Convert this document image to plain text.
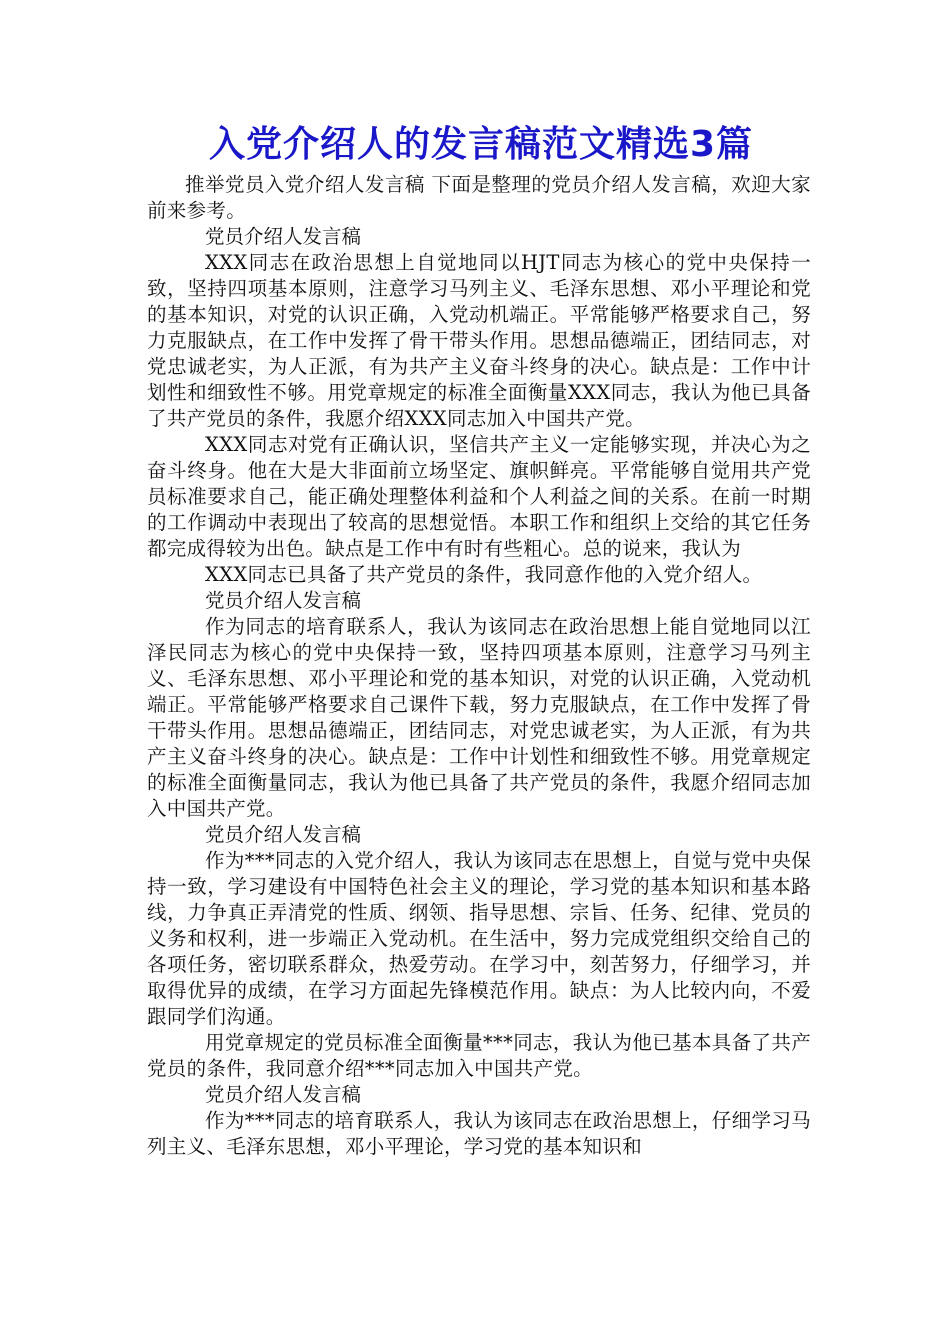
入党介绍人的发言稿范文精选3篇

推举党员入党介绍人发言稿 下面是整理的党员介绍人发言稿，欢迎大家前来参考。

党员介绍人发言稿

XXX同志在政治思想上自觉地同以HJT同志为核心的党中央保持一致，坚持四项基本原则，注意学习马列主义、毛泽东思想、邓小平理论和党的基本知识，对党的认识正确，入党动机端正。平常能够严格要求自己，努力克服缺点，在工作中发挥了骨干带头作用。思想品德端正，团结同志，对党忠诚老实，为人正派，有为共产主义奋斗终身的决心。缺点是：工作中计划性和细致性不够。用党章规定的标准全面衡量XXX同志，我认为他已具备了共产党员的条件，我愿介绍XXX同志加入中国共产党。

XXX同志对党有正确认识，坚信共产主义一定能够实现，并决心为之奋斗终身。他在大是大非面前立场坚定、旗帜鲜亮。平常能够自觉用共产党员标准要求自己，能正确处理整体利益和个人利益之间的关系。在前一时期的工作调动中表现出了较高的思想觉悟。本职工作和组织上交给的其它任务都完成得较为出色。缺点是工作中有时有些粗心。总的说来，我认为

XXX同志已具备了共产党员的条件，我同意作他的入党介绍人。

党员介绍人发言稿

作为同志的培育联系人，我认为该同志在政治思想上能自觉地同以江泽民同志为核心的党中央保持一致，坚持四项基本原则，注意学习马列主义、毛泽东思想、邓小平理论和党的基本知识，对党的认识正确，入党动机端正。平常能够严格要求自己课件下载，努力克服缺点，在工作中发挥了骨干带头作用。思想品德端正，团结同志，对党忠诚老实，为人正派，有为共产主义奋斗终身的决心。缺点是：工作中计划性和细致性不够。用党章规定的标准全面衡量同志，我认为他已具备了共产党员的条件，我愿介绍同志加入中国共产党。

党员介绍人发言稿

作为***同志的入党介绍人，我认为该同志在思想上，自觉与党中央保持一致，学习建设有中国特色社会主义的理论，学习党的基本知识和基本路线，力争真正弄清党的性质、纲领、指导思想、宗旨、任务、纪律、党员的义务和权利，进一步端正入党动机。在生活中，努力完成党组织交给自己的各项任务，密切联系群众，热爱劳动。在学习中，刻苦努力，仔细学习，并取得优异的成绩，在学习方面起先锋模范作用。缺点：为人比较内向，不爱跟同学们沟通。

用党章规定的党员标准全面衡量***同志，我认为他已基本具备了共产党员的条件，我同意介绍***同志加入中国共产党。

党员介绍人发言稿

作为***同志的培育联系人，我认为该同志在政治思想上，仔细学习马列主义、毛泽东思想，邓小平理论，学习党的基本知识和
